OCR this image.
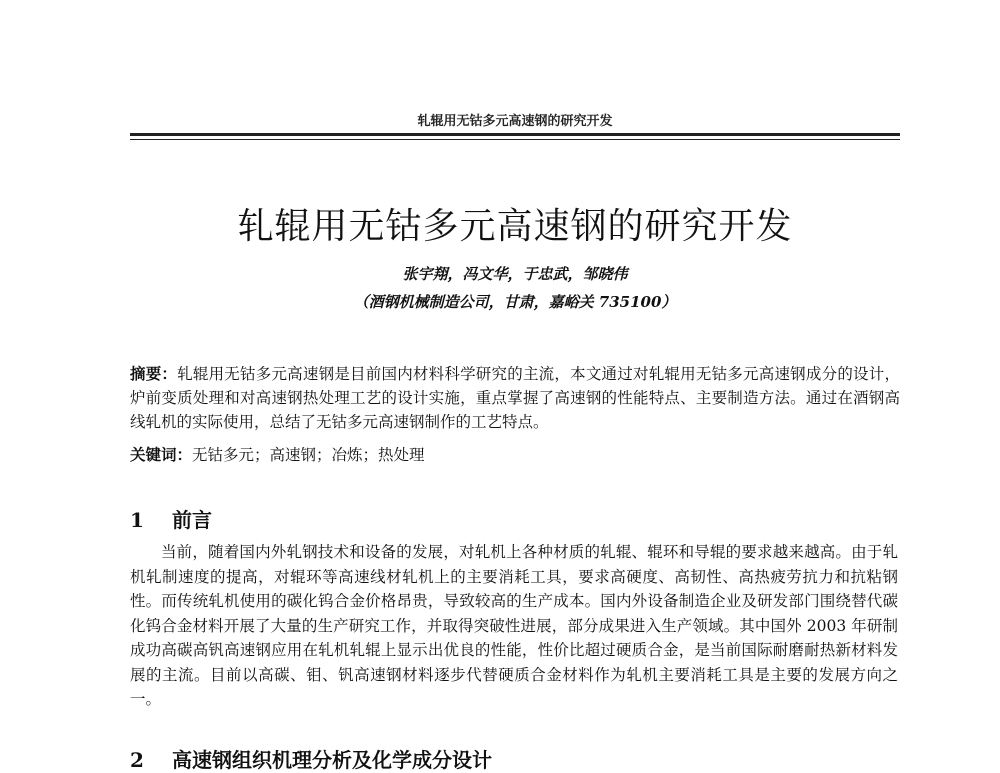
轧辊用无钴多元高速钢的研究开发
轧辊用无钴多元高速钢的研究开发
张宇翔，冯文华，于忠武，邹晓伟
（酒钢机械制造公司，甘肃，嘉峪关 735100）
摘要：轧辊用无钴多元高速钢是目前国内材料科学研究的主流，本文通过对轧辊用无钴多元高速钢成分的设计，炉前变质处理和对高速钢热处理工艺的设计实施，重点掌握了高速钢的性能特点、主要制造方法。通过在酒钢高线轧机的实际使用，总结了无钴多元高速钢制作的工艺特点。
关键词：无钴多元；高速钢；冶炼；热处理
1 前言
当前，随着国内外轧钢技术和设备的发展，对轧机上各种材质的轧辊、辊环和导辊的要求越来越高。由于轧机轧制速度的提高，对辊环等高速线材轧机上的主要消耗工具，要求高硬度、高韧性、高热疲劳抗力和抗粘钢性。而传统轧机使用的碳化钨合金价格昂贵，导致较高的生产成本。国内外设备制造企业及研发部门围绕替代碳化钨合金材料开展了大量的生产研究工作，并取得突破性进展，部分成果进入生产领域。其中国外 2003 年研制成功高碳高钒高速钢应用在轧机轧辊上显示出优良的性能，性价比超过硬质合金，是当前国际耐磨耐热新材料发展的主流。目前以高碳、钼、钒高速钢材料逐步代替硬质合金材料作为轧机主要消耗工具是主要的发展方向之一。
2 高速钢组织机理分析及化学成分设计
